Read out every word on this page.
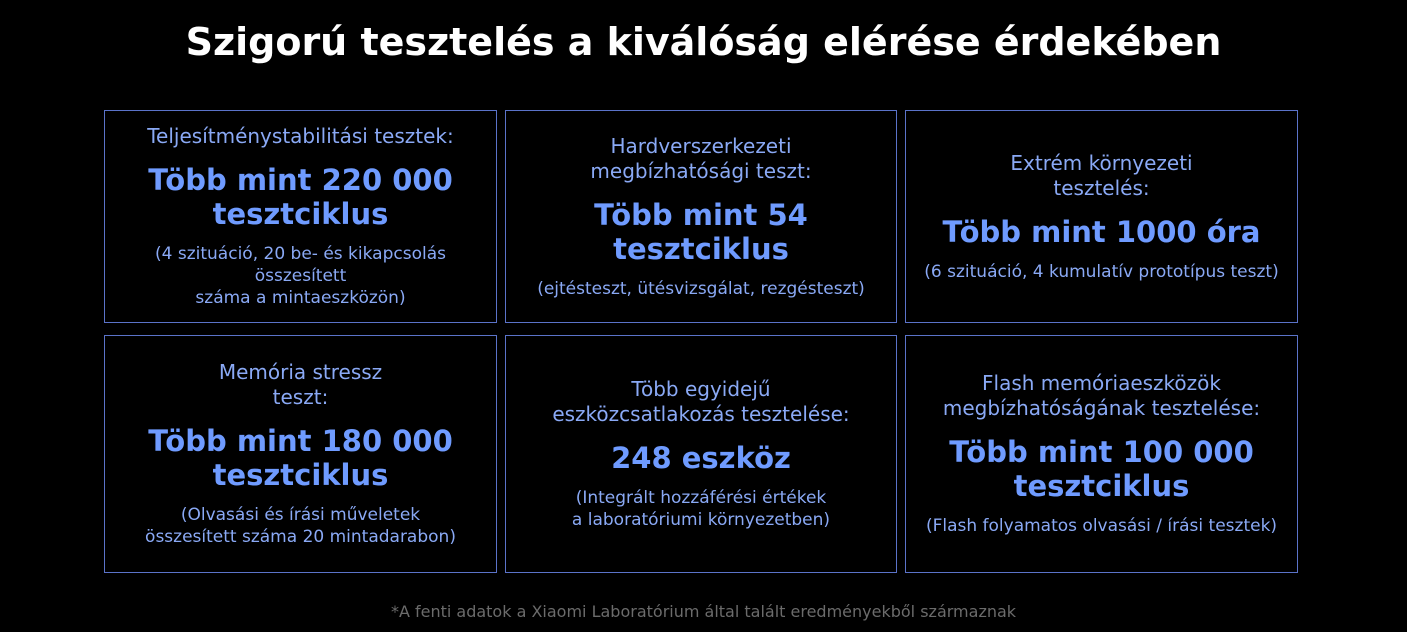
Szigorú tesztelés a kiválóság elérése érdekében
Teljesítménystabilitási tesztek:
Több mint 220 000
tesztciklus
(4 szituáció, 20 be- és kikapcsolás összesített
száma a mintaeszközön)
Hardverszerkezeti
megbízhatósági teszt:
Több mint 54 tesztciklus
(ejtésteszt, ütésvizsgálat, rezgésteszt)
Extrém környezeti
tesztelés:
Több mint 1000 óra
(6 szituáció, 4 kumulatív prototípus teszt)
Memória stressz
teszt:
Több mint 180 000
tesztciklus
(Olvasási és írási műveletek
összesített száma 20 mintadarabon)
Több egyidejű
eszközcsatlakozás tesztelése:
248 eszköz
(Integrált hozzáférési értékek
a laboratóriumi környezetben)
Flash memóriaeszközök
megbízhatóságának tesztelése:
Több mint 100 000
tesztciklus
(Flash folyamatos olvasási / írási tesztek)
*A fenti adatok a Xiaomi Laboratórium által talált eredményekből származnak
